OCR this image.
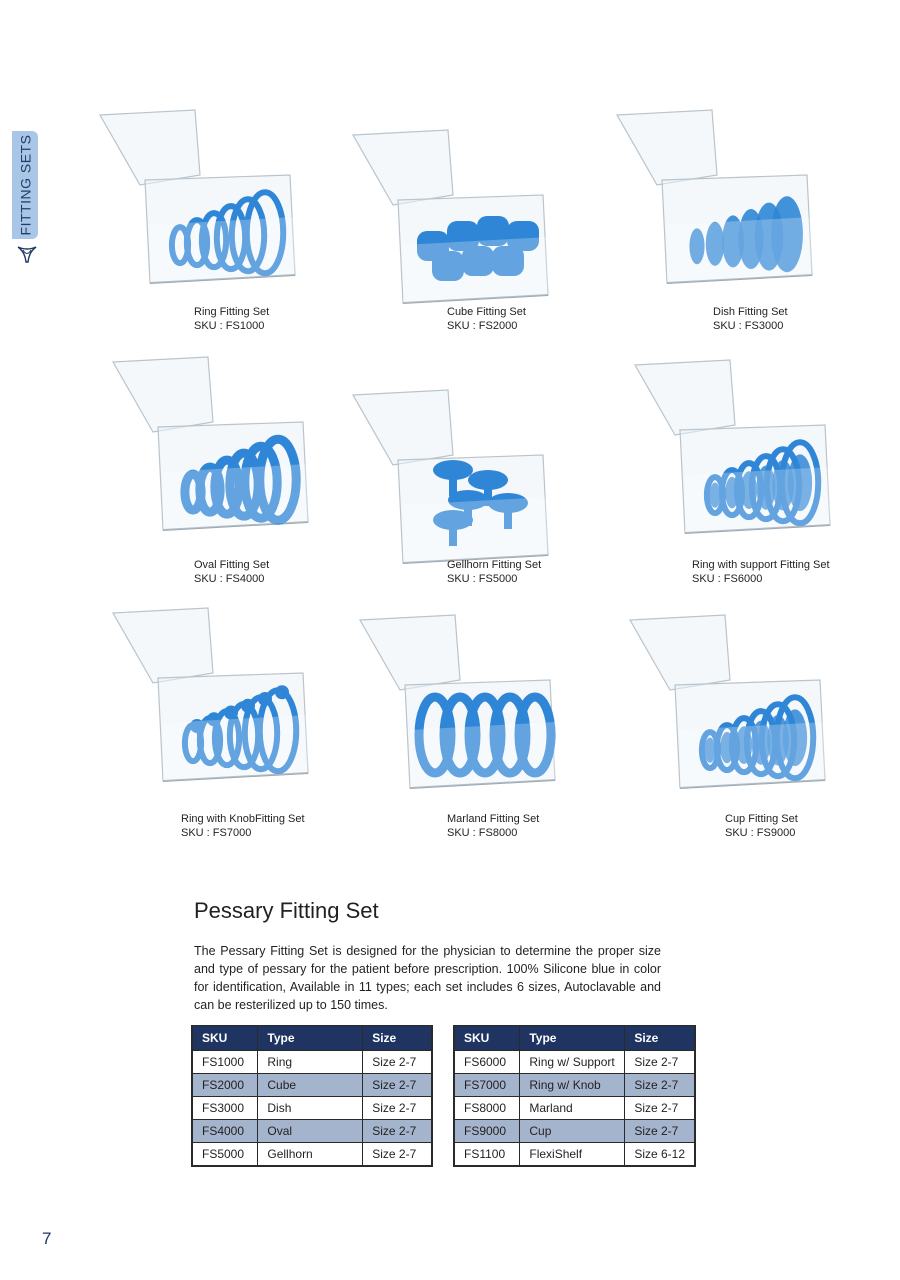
FITTING SETS
Ring Fitting Set
SKU : FS1000
Cube Fitting Set
SKU : FS2000
Dish Fitting Set
SKU : FS3000
Oval Fitting Set
SKU : FS4000
Gellhorn Fitting Set
SKU : FS5000
Ring with support Fitting Set
SKU : FS6000
Ring with KnobFitting Set
SKU : FS7000
Marland Fitting Set
SKU : FS8000
Cup Fitting Set
SKU : FS9000
Pessary Fitting Set

The Pessary Fitting Set is designed for the physician to determine the proper size and type of pessary for the patient before prescription. 100% Silicone blue in color for identification, Available in 11 types; each set includes 6 sizes, Autoclavable and can be resterilized up to 150 times.

SKU	Type	Size
FS1000	Ring	Size 2-7
FS2000	Cube	Size 2-7
FS3000	Dish	Size 2-7
FS4000	Oval	Size 2-7
FS5000	Gellhorn	Size 2-7
SKU	Type	Size
FS6000	Ring w/ Support	Size 2-7
FS7000	Ring w/ Knob	Size 2-7
FS8000	Marland	Size 2-7
FS9000	Cup	Size 2-7
FS1100	FlexiShelf	Size 6-12
7
